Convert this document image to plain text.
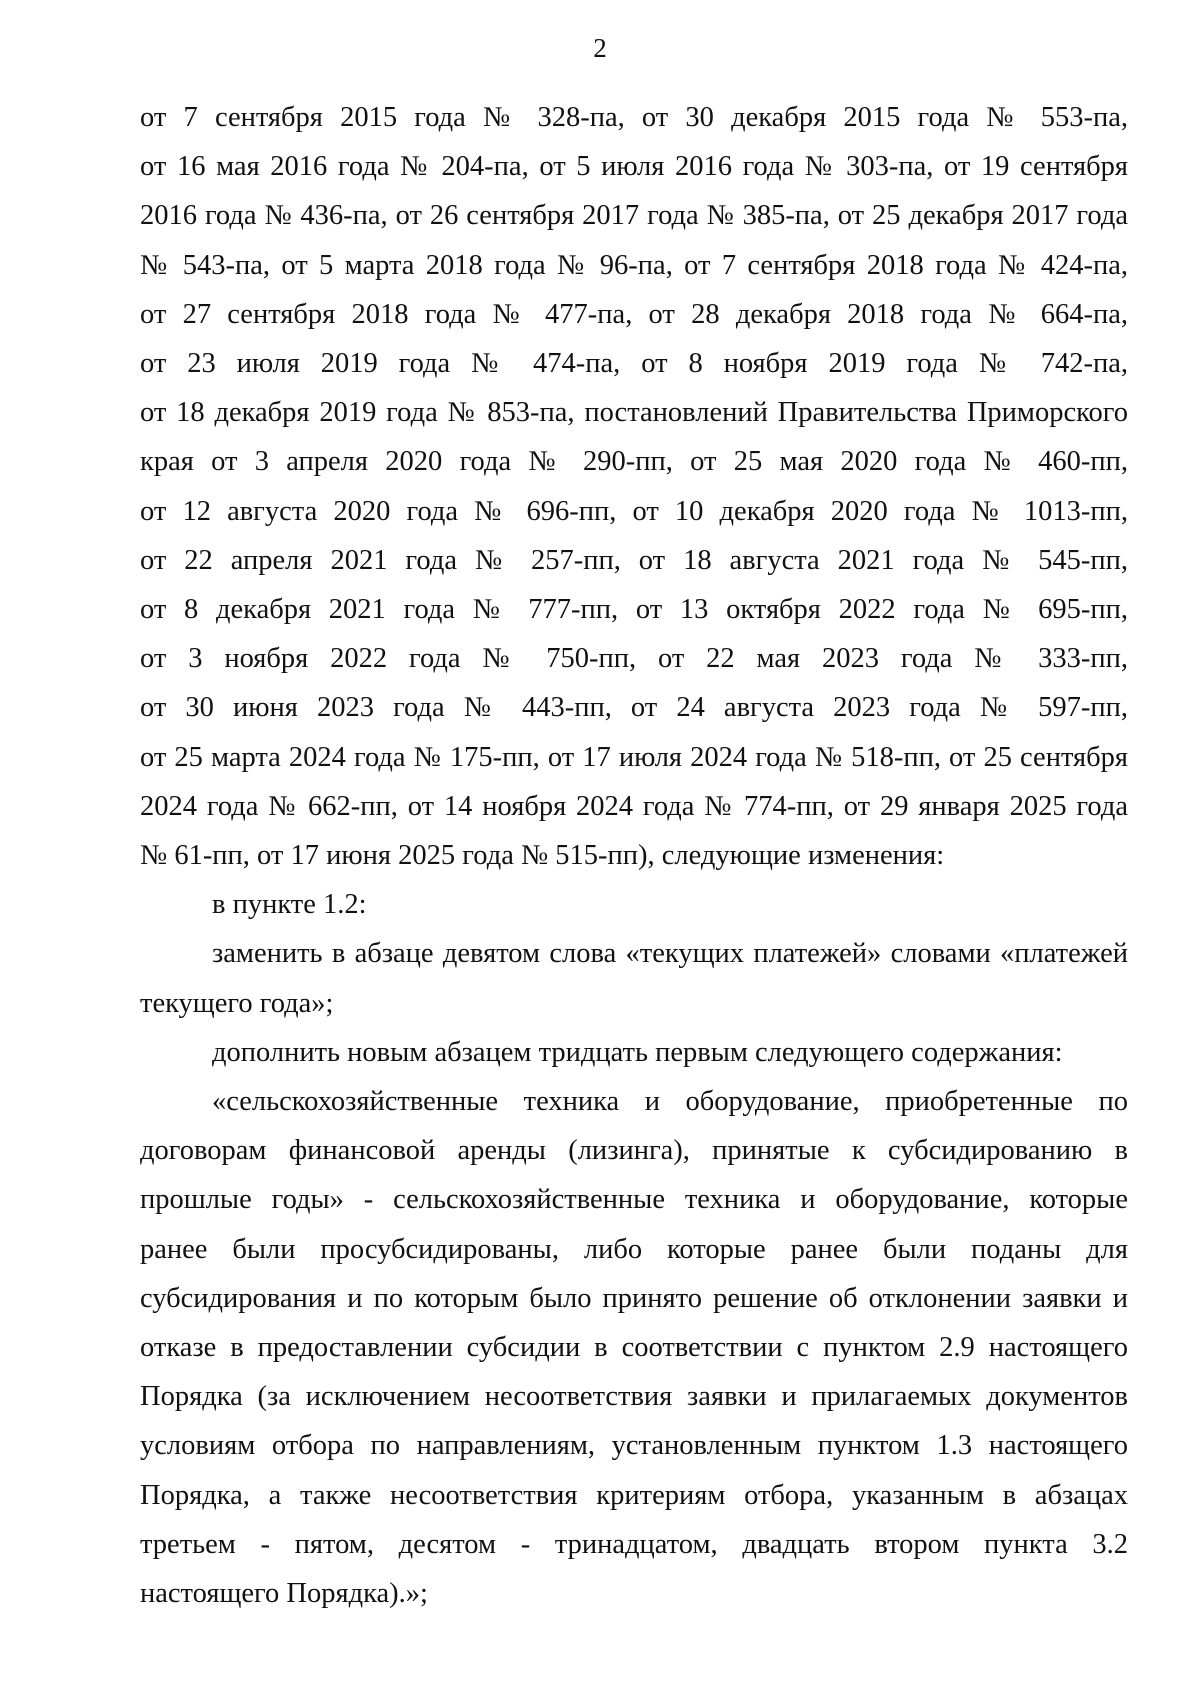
2
от 7 сентября 2015 года № 328-па, от 30 декабря 2015 года № 553-па,
от 16 мая 2016 года № 204-па, от 5 июля 2016 года № 303-па, от 19 сентября
2016 года № 436-па, от 26 сентября 2017 года № 385-па, от 25 декабря 2017 года
№ 543-па, от 5 марта 2018 года № 96-па, от 7 сентября 2018 года № 424-па,
от 27 сентября 2018 года № 477-па, от 28 декабря 2018 года № 664-па,
от 23 июля 2019 года № 474-па, от 8 ноября 2019 года № 742-па,
от 18 декабря 2019 года № 853-па, постановлений Правительства Приморского
края от 3 апреля 2020 года № 290-пп, от 25 мая 2020 года № 460-пп,
от 12 августа 2020 года № 696-пп, от 10 декабря 2020 года № 1013-пп,
от 22 апреля 2021 года № 257-пп, от 18 августа 2021 года № 545-пп,
от 8 декабря 2021 года № 777-пп, от 13 октября 2022 года № 695-пп,
от 3 ноября 2022 года № 750-пп, от 22 мая 2023 года № 333-пп,
от 30 июня 2023 года № 443-пп, от 24 августа 2023 года № 597-пп,
от 25 марта 2024 года № 175-пп, от 17 июля 2024 года № 518-пп, от 25 сентября
2024 года № 662-пп, от 14 ноября 2024 года № 774-пп, от 29 января 2025 года
№ 61-пп, от 17 июня 2025 года № 515-пп), следующие изменения:
в пункте 1.2:
заменить в абзаце девятом слова «текущих платежей» словами «платежей
текущего года»;
дополнить новым абзацем тридцать первым следующего содержания:
«сельскохозяйственные техника и оборудование, приобретенные по
договорам финансовой аренды (лизинга), принятые к субсидированию в
прошлые годы» - сельскохозяйственные техника и оборудование, которые
ранее были просубсидированы, либо которые ранее были поданы для
субсидирования и по которым было принято решение об отклонении заявки и
отказе в предоставлении субсидии в соответствии с пунктом 2.9 настоящего
Порядка (за исключением несоответствия заявки и прилагаемых документов
условиям отбора по направлениям, установленным пунктом 1.3 настоящего
Порядка, а также несоответствия критериям отбора, указанным в абзацах
третьем - пятом, десятом - тринадцатом, двадцать втором пункта 3.2
настоящего Порядка).»;
